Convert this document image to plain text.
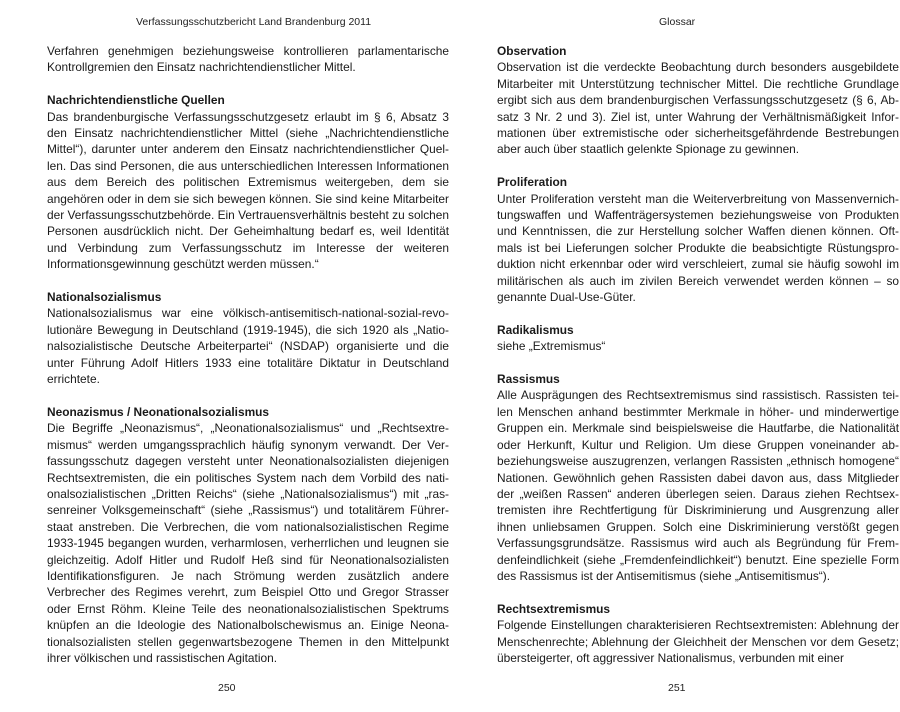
Verfassungsschutzbericht Land Brandenburg 2011

Verfahren genehmigen beziehungsweise kontrollieren parlamentarische Kontrollgremien den Einsatz nachrichtendienstlicher Mittel.

Nachrichtendienstliche Quellen

Das brandenburgische Verfassungsschutzgesetz erlaubt im § 6, Absatz 3 den Einsatz nachrichtendienstlicher Mittel (siehe „Nachrichtendienstliche Mittel“), darunter unter anderem den Einsatz nachrichtendienstlicher Quellen. Das sind Personen, die aus unterschiedlichen Interessen Informationen aus dem Bereich des politischen Extremismus weitergeben, dem sie angehören oder in dem sie sich bewegen können. Sie sind keine Mitarbeiter der Verfassungsschutzbehörde. Ein Vertrauensverhältnis besteht zu solchen Personen ausdrücklich nicht. Der Geheimhaltung bedarf es, weil Identität und Verbindung zum Verfassungsschutz im Interesse der weiteren Informationsgewinnung geschützt werden müssen.“

Nationalsozialismus

Nationalsozialismus war eine völkisch-antisemitisch-national-sozial-revolutionäre Bewegung in Deutschland (1919-1945), die sich 1920 als „Nationalsozialistische Deutsche Arbeiterpartei“ (NSDAP) organisierte und die unter Führung Adolf Hitlers 1933 eine totalitäre Diktatur in Deutschland errichtete.

Neonazismus / Neonationalsozialismus

Die Begriffe „Neonazismus“, „Neonationalsozialismus“ und „Rechtsextremismus“ werden umgangssprachlich häufig synonym verwandt. Der Verfassungsschutz dagegen versteht unter Neonationalsozialisten diejenigen Rechtsextremisten, die ein politisches System nach dem Vorbild des nationalsozialistischen „Dritten Reichs“ (siehe „Nationalsozialismus“) mit „rassenreiner Volksgemeinschaft“ (siehe „Rassismus“) und totalitärem Führerstaat anstreben. Die Verbrechen, die vom nationalsozialistischen Regime 1933-1945 begangen wurden, verharmlosen, verherrlichen und leugnen sie gleichzeitig. Adolf Hitler und Rudolf Heß sind für Neonationalsozialisten Identifikationsfiguren. Je nach Strömung werden zusätzlich andere Verbrecher des Regimes verehrt, zum Beispiel Otto und Gregor Strasser oder Ernst Röhm. Kleine Teile des neonationalsozialistischen Spektrums knüpfen an die Ideologie des Nationalbolschewismus an. Einige Neonationalsozialisten stellen gegenwartsbezogene Themen in den Mittelpunkt ihrer völkischen und rassistischen Agitation.

250
Glossar

Observation

Observation ist die verdeckte Beobachtung durch besonders ausgebildete Mitarbeiter mit Unterstützung technischer Mittel. Die rechtliche Grundlage ergibt sich aus dem brandenburgischen Verfassungsschutzgesetz (§ 6, Absatz 3 Nr. 2 und 3). Ziel ist, unter Wahrung der Verhältnismäßigkeit Informationen über extremistische oder sicherheitsgefährdende Bestrebungen aber auch über staatlich gelenkte Spionage zu gewinnen.

Proliferation

Unter Proliferation versteht man die Weiterverbreitung von Massenvernichtungswaffen und Waffenträgersystemen beziehungsweise von Produkten und Kenntnissen, die zur Herstellung solcher Waffen dienen können. Oftmals ist bei Lieferungen solcher Produkte die beabsichtigte Rüstungsproduktion nicht erkennbar oder wird verschleiert, zumal sie häufig sowohl im militärischen als auch im zivilen Bereich verwendet werden können – so genannte Dual-Use-Güter.

Radikalismus

siehe „Extremismus“

Rassismus

Alle Ausprägungen des Rechtsextremismus sind rassistisch. Rassisten teilen Menschen anhand bestimmter Merkmale in höher- und minderwertige Gruppen ein. Merkmale sind beispielsweise die Hautfarbe, die Nationalität oder Herkunft, Kultur und Religion. Um diese Gruppen voneinander ab- beziehungsweise auszugrenzen, verlangen Rassisten „ethnisch homogene“ Nationen. Gewöhnlich gehen Rassisten dabei davon aus, dass Mitglieder der „weißen Rassen“ anderen überlegen seien. Daraus ziehen Rechtsextremisten ihre Rechtfertigung für Diskriminierung und Ausgrenzung aller ihnen unliebsamen Gruppen. Solch eine Diskriminierung verstößt gegen Verfassungsgrundsätze. Rassismus wird auch als Begründung für Fremdenfeindlichkeit (siehe „Fremdenfeindlichkeit“) benutzt. Eine spezielle Form des Rassismus ist der Antisemitismus (siehe „Antisemitismus“).

Rechtsextremismus

Folgende Einstellungen charakterisieren Rechtsextremisten: Ablehnung der Menschenrechte; Ablehnung der Gleichheit der Menschen vor dem Gesetz; übersteigerter, oft aggressiver Nationalismus, verbunden mit einer

251
